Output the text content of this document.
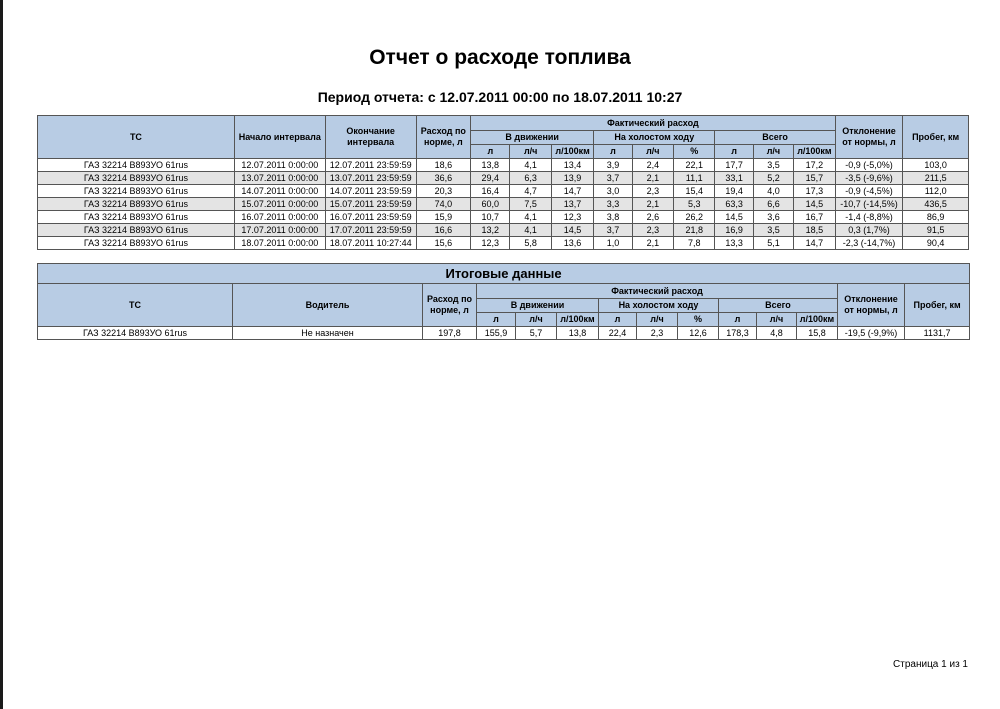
Отчет о расходе топлива
Период отчета: с 12.07.2011 00:00 по 18.07.2011 10:27
ТС	Начало интервала	Окончание интервала	Расход по норме, л	Фактический расход									Отклонение от нормы, л	Пробег, км
				В движении			На холостом ходу			Всего				
				л	л/ч	л/100км	л	л/ч	%	л	л/ч	л/100км		
ГАЗ 32214 В893УО 61rus	12.07.2011 0:00:00	12.07.2011 23:59:59	18,6	13,8	4,1	13,4	3,9	2,4	22,1	17,7	3,5	17,2	-0,9 (-5,0%)	103,0
ГАЗ 32214 В893УО 61rus	13.07.2011 0:00:00	13.07.2011 23:59:59	36,6	29,4	6,3	13,9	3,7	2,1	11,1	33,1	5,2	15,7	-3,5 (-9,6%)	211,5
ГАЗ 32214 В893УО 61rus	14.07.2011 0:00:00	14.07.2011 23:59:59	20,3	16,4	4,7	14,7	3,0	2,3	15,4	19,4	4,0	17,3	-0,9 (-4,5%)	112,0
ГАЗ 32214 В893УО 61rus	15.07.2011 0:00:00	15.07.2011 23:59:59	74,0	60,0	7,5	13,7	3,3	2,1	5,3	63,3	6,6	14,5	-10,7 (-14,5%)	436,5
ГАЗ 32214 В893УО 61rus	16.07.2011 0:00:00	16.07.2011 23:59:59	15,9	10,7	4,1	12,3	3,8	2,6	26,2	14,5	3,6	16,7	-1,4 (-8,8%)	86,9
ГАЗ 32214 В893УО 61rus	17.07.2011 0:00:00	17.07.2011 23:59:59	16,6	13,2	4,1	14,5	3,7	2,3	21,8	16,9	3,5	18,5	0,3 (1,7%)	91,5
ГАЗ 32214 В893УО 61rus	18.07.2011 0:00:00	18.07.2011 10:27:44	15,6	12,3	5,8	13,6	1,0	2,1	7,8	13,3	5,1	14,7	-2,3 (-14,7%)	90,4
Итоговые данные													
ТС	Водитель	Расход по норме, л	Фактический расход									Отклонение от нормы, л	Пробег, км
			В движении			На холостом ходу			Всего				
			л	л/ч	л/100км	л	л/ч	%	л	л/ч	л/100км		
ГАЗ 32214 В893УО 61rus	Не назначен	197,8	155,9	5,7	13,8	22,4	2,3	12,6	178,3	4,8	15,8	-19,5 (-9,9%)	1131,7
Страница 1 из 1
